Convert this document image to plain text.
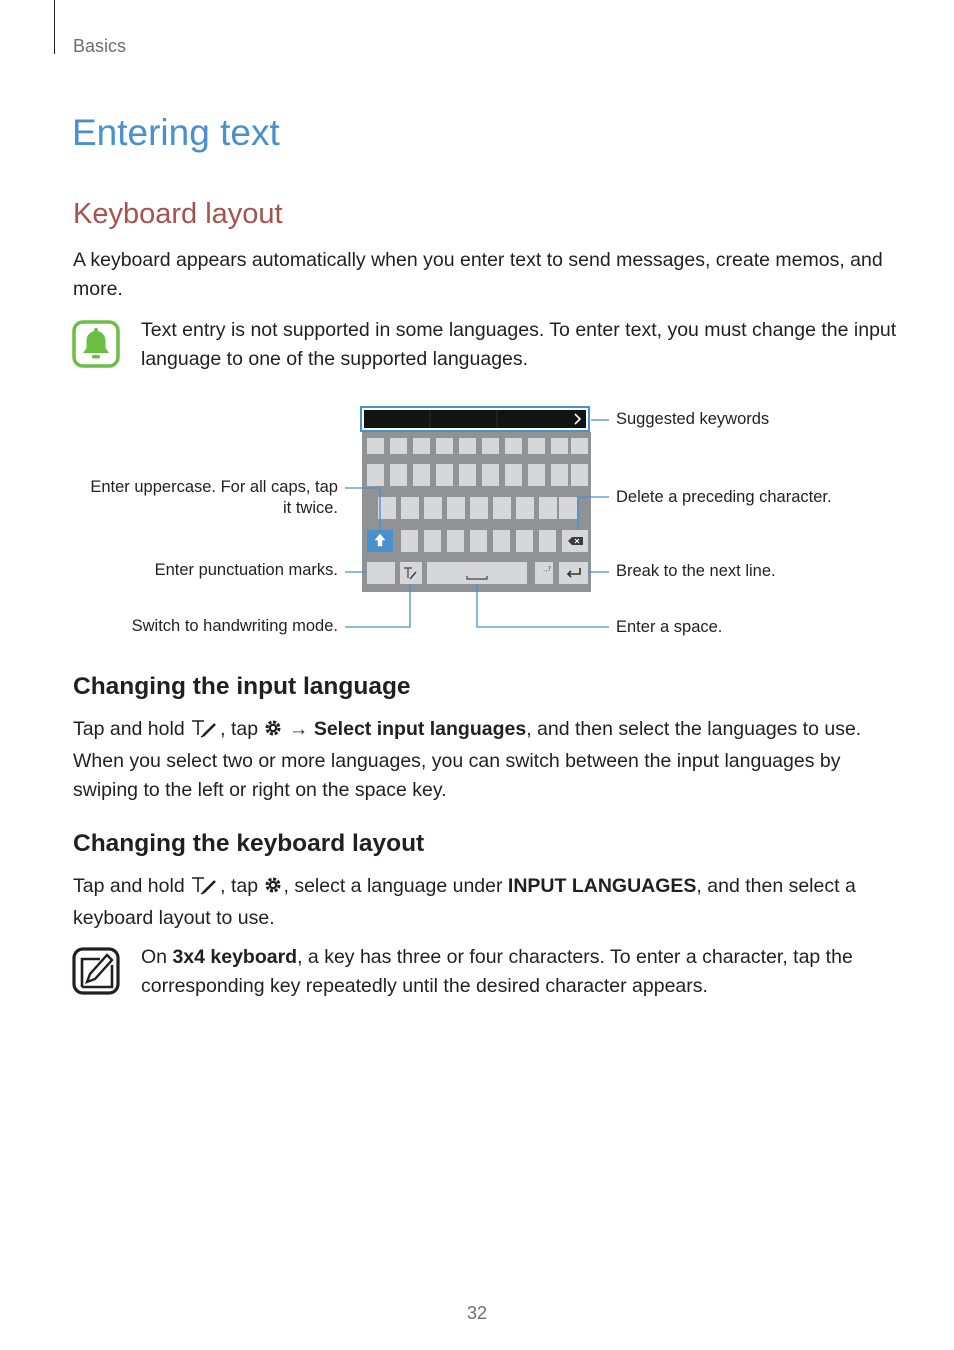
Basics
Entering text
Keyboard layout
A keyboard appears automatically when you enter text to send messages, create memos, and more.
Text entry is not supported in some languages. To enter text, you must change the input language to one of the supported languages.
.,?
Suggested keywords
Enter uppercase. For all caps, tap
it twice.
Delete a preceding character.
Enter punctuation marks.	Break to the next line.
Switch to handwriting mode.	Enter a space.
Changing the input language
Tap and hold , tap → Select input languages, and then select the languages to use. When you select two or more languages, you can switch between the input languages by swiping to the left or right on the space key.
Changing the keyboard layout
Tap and hold , tap , select a language under INPUT LANGUAGES, and then select a keyboard layout to use.
On 3x4 keyboard, a key has three or four characters. To enter a character, tap the corresponding key repeatedly until the desired character appears.
32
